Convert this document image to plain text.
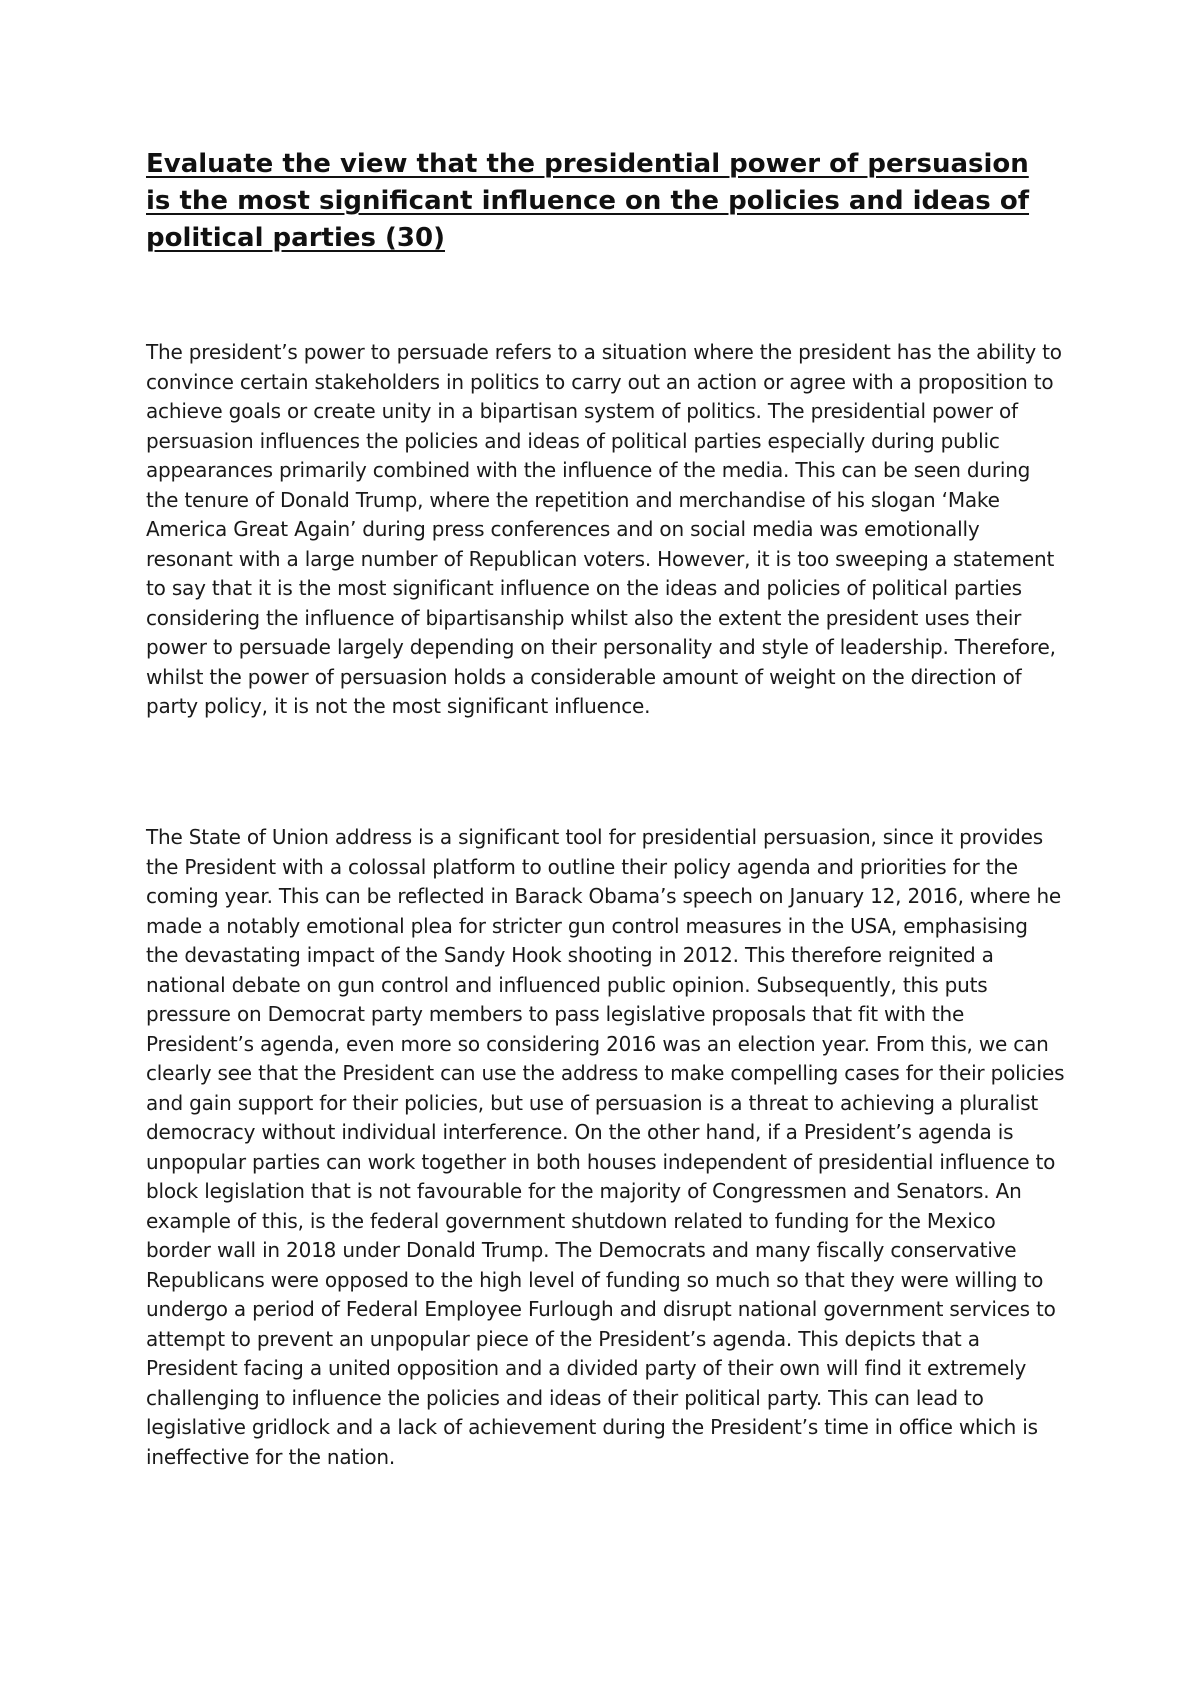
Evaluate the view that the presidential power of persuasion is the most significant influence on the policies and ideas of political parties (30)

The president’s power to persuade refers to a situation where the president has the ability to convince certain stakeholders in politics to carry out an action or agree with a proposition to achieve goals or create unity in a bipartisan system of politics. The presidential power of persuasion influences the policies and ideas of political parties especially during public appearances primarily combined with the influence of the media. This can be seen during the tenure of Donald Trump, where the repetition and merchandise of his slogan ‘Make America Great Again’ during press conferences and on social media was emotionally resonant with a large number of Republican voters. However, it is too sweeping a statement to say that it is the most significant influence on the ideas and policies of political parties considering the influence of bipartisanship whilst also the extent the president uses their power to persuade largely depending on their personality and style of leadership. Therefore, whilst the power of persuasion holds a considerable amount of weight on the direction of party policy, it is not the most significant influence.

The State of Union address is a significant tool for presidential persuasion, since it provides the President with a colossal platform to outline their policy agenda and priorities for the coming year. This can be reflected in Barack Obama’s speech on January 12, 2016, where he made a notably emotional plea for stricter gun control measures in the USA, emphasising the devastating impact of the Sandy Hook shooting in 2012. This therefore reignited a national debate on gun control and influenced public opinion. Subsequently, this puts pressure on Democrat party members to pass legislative proposals that fit with the President’s agenda, even more so considering 2016 was an election year. From this, we can clearly see that the President can use the address to make compelling cases for their policies and gain support for their policies, but use of persuasion is a threat to achieving a pluralist democracy without individual interference. On the other hand, if a President’s agenda is unpopular parties can work together in both houses independent of presidential influence to block legislation that is not favourable for the majority of Congressmen and Senators. An example of this, is the federal government shutdown related to funding for the Mexico border wall in 2018 under Donald Trump. The Democrats and many fiscally conservative Republicans were opposed to the high level of funding so much so that they were willing to undergo a period of Federal Employee Furlough and disrupt national government services to attempt to prevent an unpopular piece of the President’s agenda. This depicts that a President facing a united opposition and a divided party of their own will find it extremely challenging to influence the policies and ideas of their political party. This can lead to legislative gridlock and a lack of achievement during the President’s time in office which is ineffective for the nation.
